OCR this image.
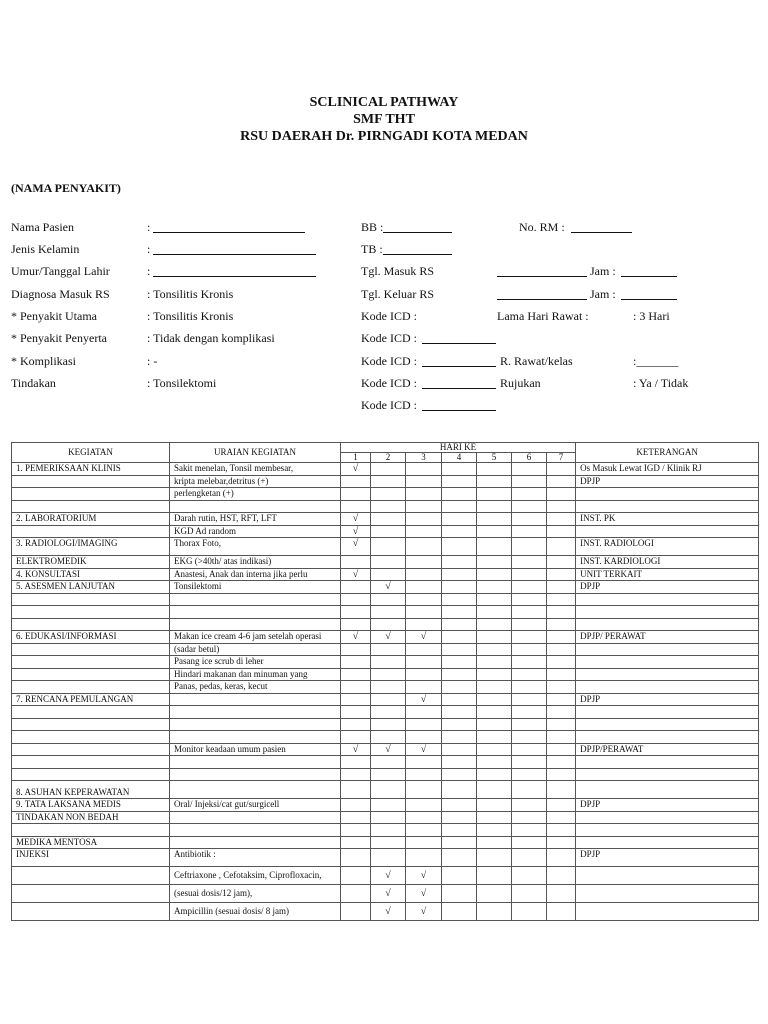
SCLINICAL PATHWAY
SMF THT
RSU DAERAH Dr. PIRNGADI KOTA MEDAN
(NAMA PENYAKIT)
Nama Pasien	:
Jenis Kelamin	:
Umur/Tanggal Lahir	:
Diagnosa Masuk RS	: Tonsilitis Kronis
* Penyakit Utama	: Tonsilitis Kronis
* Penyakit Penyerta	: Tidak dengan komplikasi
* Komplikasi	: -
Tindakan	: Tonsilektomi
BB :
TB :
Tgl. Masuk RS	Jam :
Tgl. Keluar RS	Jam :
Kode ICD :	Lama Hari Rawat :	: 3 Hari
Kode ICD :
Kode ICD :	R. Rawat/kelas	:_______
Kode ICD :	Rujukan	: Ya / Tidak
Kode ICD :
No. RM :
KEGIATAN	URAIAN KEGIATAN	HARI KE							KETERANGAN
		1	2	3	4	5	6	7	
1. PEMERIKSAAN KLINIS	Sakit menelan, Tonsil membesar,	√							Os Masuk Lewat IGD / Klinik RJ
	kripta melebar,detritus (+)								DPJP
	perlengketan (+)								

2. LABORATORIUM	Darah rutin, HST, RFT, LFT	√							INST. PK
	KGD Ad random	√							
3. RADIOLOGI/IMAGING	Thorax Foto,	√							INST. RADIOLOGI
ELEKTROMEDIK	EKG (>40th/ atas indikasi)								INST. KARDIOLOGI
4. KONSULTASI	Anastesi, Anak dan interna jika perlu	√							UNIT TERKAIT
5. ASESMEN LANJUTAN	Tonsilektomi		√						DPJP

6. EDUKASI/INFORMASI	Makan ice cream 4-6 jam setelah operasi	√	√	√					DPJP/ PERAWAT
	(sadar betul)								
	Pasang ice scrub di leher								
	Hindari makanan dan minuman yang								
	Panas, pedas, keras, kecut								
7. RENCANA PEMULANGAN				√					DPJP

	Monitor keadaan umum pasien	√	√	√					DPJP/PERAWAT

8. ASUHAN KEPERAWATAN									
9. TATA LAKSANA MEDIS	Oral/ Injeksi/cat gut/surgicell								DPJP
TINDAKAN NON BEDAH									

MEDIKA MENTOSA									
INJEKSI	Antibiotik :								DPJP
	Ceftriaxone , Cefotaksim, Ciprofloxacin,		√	√					
	(sesuai dosis/12 jam),		√	√					
	Ampicillin (sesuai dosis/ 8 jam)		√	√					
